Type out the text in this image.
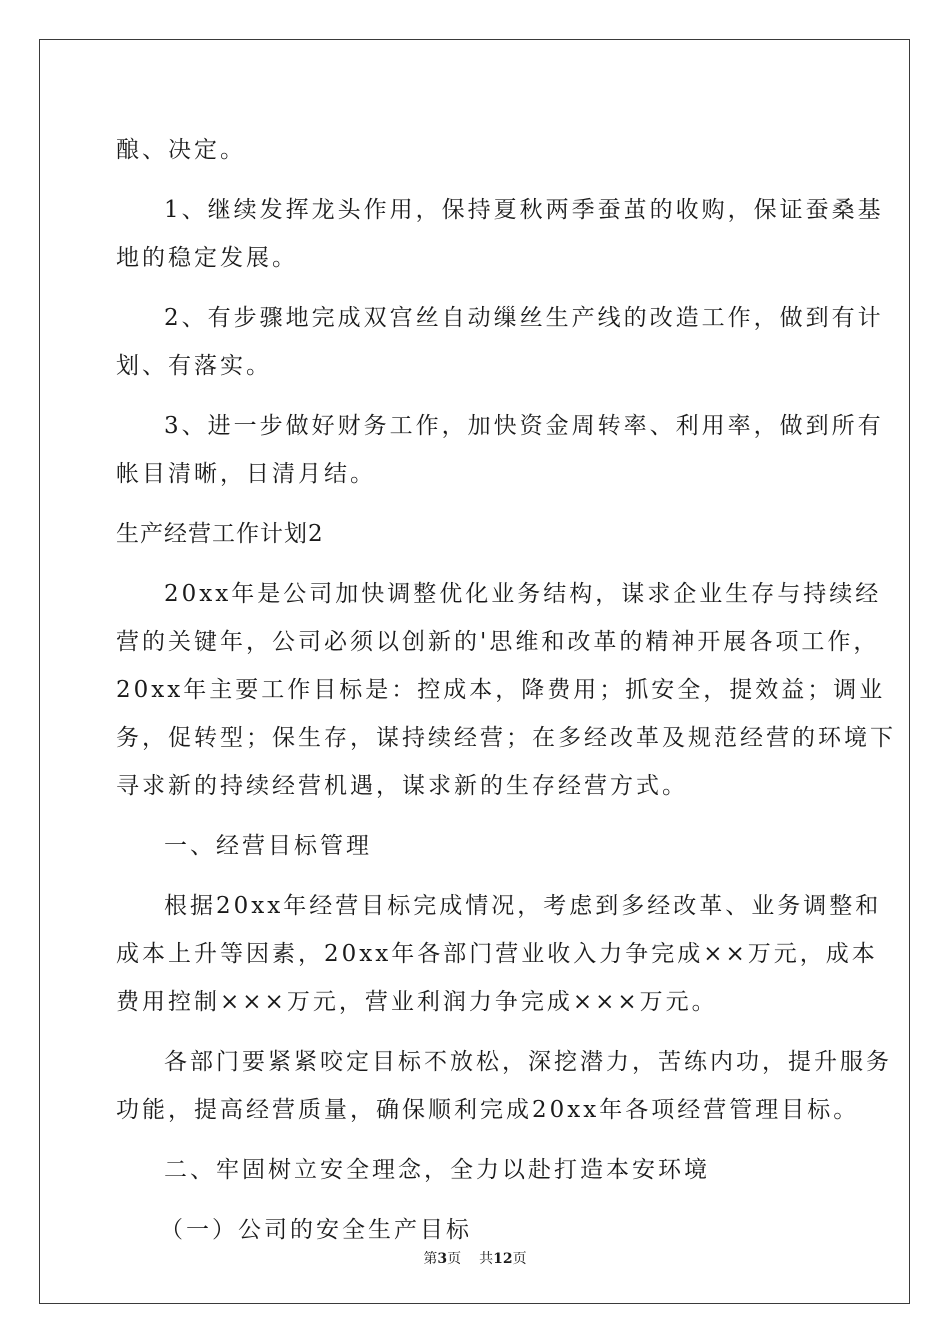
酿、决定。
1、继续发挥龙头作用，保持夏秋两季蚕茧的收购，保证蚕桑基
地的稳定发展。
2、有步骤地完成双宫丝自动缫丝生产线的改造工作，做到有计
划、有落实。
3、进一步做好财务工作，加快资金周转率、利用率，做到所有
帐目清晰，日清月结。
生产经营工作计划2
20xx年是公司加快调整优化业务结构，谋求企业生存与持续经
营的关键年，公司必须以创新的'思维和改革的精神开展各项工作，
20xx年主要工作目标是：控成本，降费用；抓安全，提效益；调业
务，促转型；保生存，谋持续经营；在多经改革及规范经营的环境下
寻求新的持续经营机遇，谋求新的生存经营方式。
一、经营目标管理
根据20xx年经营目标完成情况，考虑到多经改革、业务调整和
成本上升等因素，20xx年各部门营业收入力争完成××万元，成本
费用控制×××万元，营业利润力争完成×××万元。
各部门要紧紧咬定目标不放松，深挖潜力，苦练内功，提升服务
功能，提高经营质量，确保顺利完成20xx年各项经营管理目标。
二、牢固树立安全理念，全力以赴打造本安环境
（一）公司的安全生产目标
第3页 共12页
